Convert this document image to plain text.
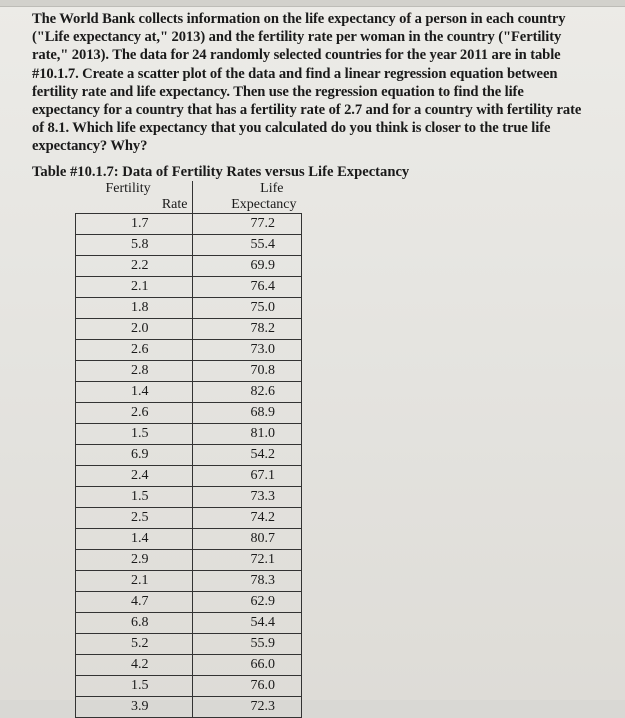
The World Bank collects information on the life expectancy of a person in each country ("Life expectancy at," 2013) and the fertility rate per woman in the country ("Fertility rate," 2013). The data for 24 randomly selected countries for the year 2011 are in table #10.1.7. Create a scatter plot of the data and find a linear regression equation between fertility rate and life expectancy. Then use the regression equation to find the life expectancy for a country that has a fertility rate of 2.7 and for a country with fertility rate of 8.1. Which life expectancy that you calculated do you think is closer to the true life expectancy? Why?

Table #10.1.7: Data of Fertility Rates versus Life Expectancy

Fertility	Life
Rate	Expectancy
1.7	77.2
5.8	55.4
2.2	69.9
2.1	76.4
1.8	75.0
2.0	78.2
2.6	73.0
2.8	70.8
1.4	82.6
2.6	68.9
1.5	81.0
6.9	54.2
2.4	67.1
1.5	73.3
2.5	74.2
1.4	80.7
2.9	72.1
2.1	78.3
4.7	62.9
6.8	54.4
5.2	55.9
4.2	66.0
1.5	76.0
3.9	72.3
